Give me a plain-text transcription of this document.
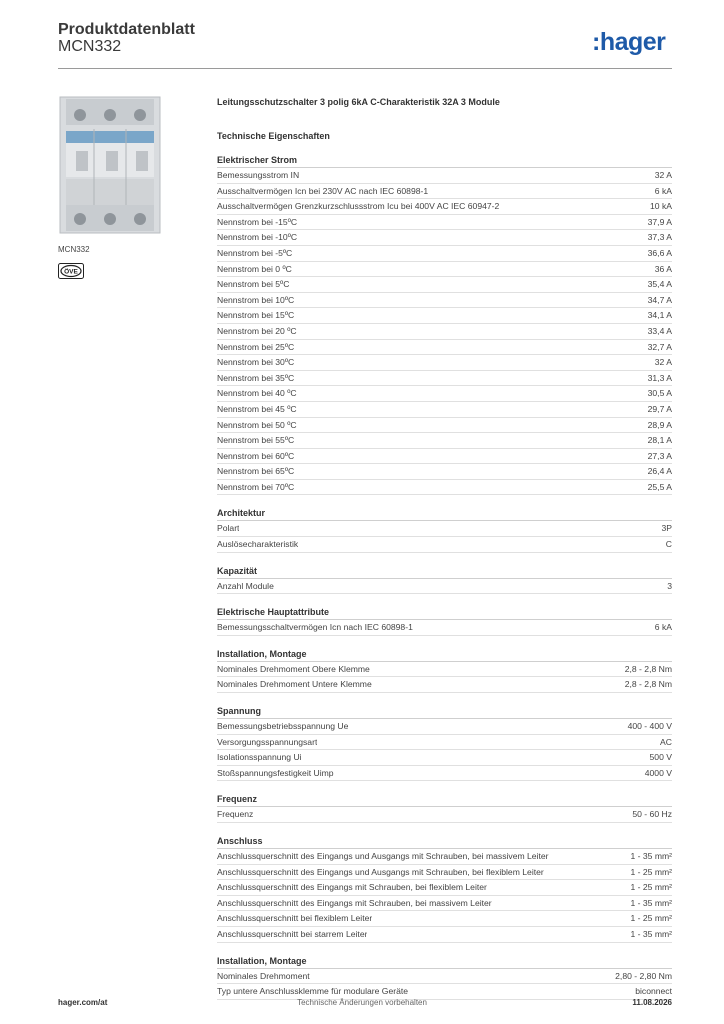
Produktdatenblatt
MCN332	:hager
MCN332
ÖVE
Leitungsschutzschalter 3 polig 6kA C-Charakteristik 32A 3 Module
Technische Eigenschaften
Elektrischer Strom
Bemessungsstrom IN	32 A
Ausschaltvermögen Icn bei 230V AC nach IEC 60898-1	6 kA
Ausschaltvermögen Grenzkurzschlussstrom Icu bei 400V AC IEC 60947-2	10 kA
Nennstrom bei -15ºC	37,9 A
Nennstrom bei -10ºC	37,3 A
Nennstrom bei -5ºC	36,6 A
Nennstrom bei 0 ºC	36 A
Nennstrom bei 5ºC	35,4 A
Nennstrom bei 10ºC	34,7 A
Nennstrom bei 15ºC	34,1 A
Nennstrom bei 20 ºC	33,4 A
Nennstrom bei 25ºC	32,7 A
Nennstrom bei 30ºC	32 A
Nennstrom bei 35ºC	31,3 A
Nennstrom bei 40 ºC	30,5 A
Nennstrom bei 45 ºC	29,7 A
Nennstrom bei 50 ºC	28,9 A
Nennstrom bei 55ºC	28,1 A
Nennstrom bei 60ºC	27,3 A
Nennstrom bei 65ºC	26,4 A
Nennstrom bei 70ºC	25,5 A
Architektur
Polart	3P
Auslösecharakteristik	C
Kapazität
Anzahl Module	3
Elektrische Hauptattribute
Bemessungsschaltvermögen Icn nach IEC 60898-1	6 kA
Installation, Montage
Nominales Drehmoment Obere Klemme	2,8 - 2,8 Nm
Nominales Drehmoment Untere Klemme	2,8 - 2,8 Nm
Spannung
Bemessungsbetriebsspannung Ue	400 - 400 V
Versorgungsspannungsart	AC
Isolationsspannung Ui	500 V
Stoßspannungsfestigkeit Uimp	4000 V
Frequenz
Frequenz	50 - 60 Hz
Anschluss
Anschlussquerschnitt des Eingangs und Ausgangs mit Schrauben, bei massivem Leiter	1 - 35 mm²
Anschlussquerschnitt des Eingangs und Ausgangs mit Schrauben, bei flexiblem Leiter	1 - 25 mm²
Anschlussquerschnitt des Eingangs mit Schrauben, bei flexiblem Leiter	1 - 25 mm²
Anschlussquerschnitt des Eingangs mit Schrauben, bei massivem Leiter	1 - 35 mm²
Anschlussquerschnitt bei flexiblem Leiter	1 - 25 mm²
Anschlussquerschnitt bei starrem Leiter	1 - 35 mm²
Installation, Montage
Nominales Drehmoment	2,80 - 2,80 Nm
Typ untere Anschlussklemme für modulare Geräte	biconnect
hager.com/at	Technische Änderungen vorbehalten	11.08.2026
